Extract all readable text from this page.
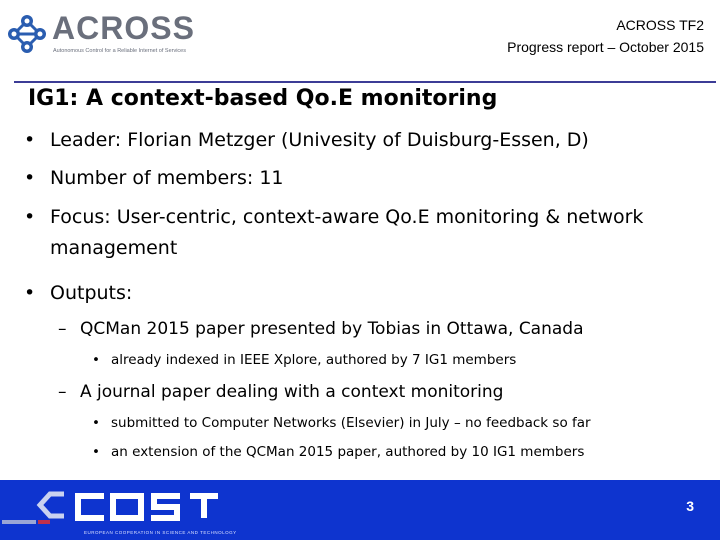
ACROSS
Autonomous Control for a Reliable Internet of Services
ACROSS TF2
Progress report – October 2015
IG1: A context-based Qo.E monitoring
• Leader: Florian Metzger (Univesity of Duisburg-Essen, D)
• Number of members: 11
• Focus: User-centric, context-aware Qo.E monitoring & network management
• Outputs:
– QCMan 2015 paper presented by Tobias in Ottawa, Canada
• already indexed in IEEE Xplore, authored by 7 IG1 members
– A journal paper dealing with a context monitoring
• submitted to Computer Networks (Elsevier) in July – no feedback so far
• an extension of the QCMan 2015 paper, authored by 10 IG1 members
EUROPEAN COOPERATION IN SCIENCE AND TECHNOLOGY
3
